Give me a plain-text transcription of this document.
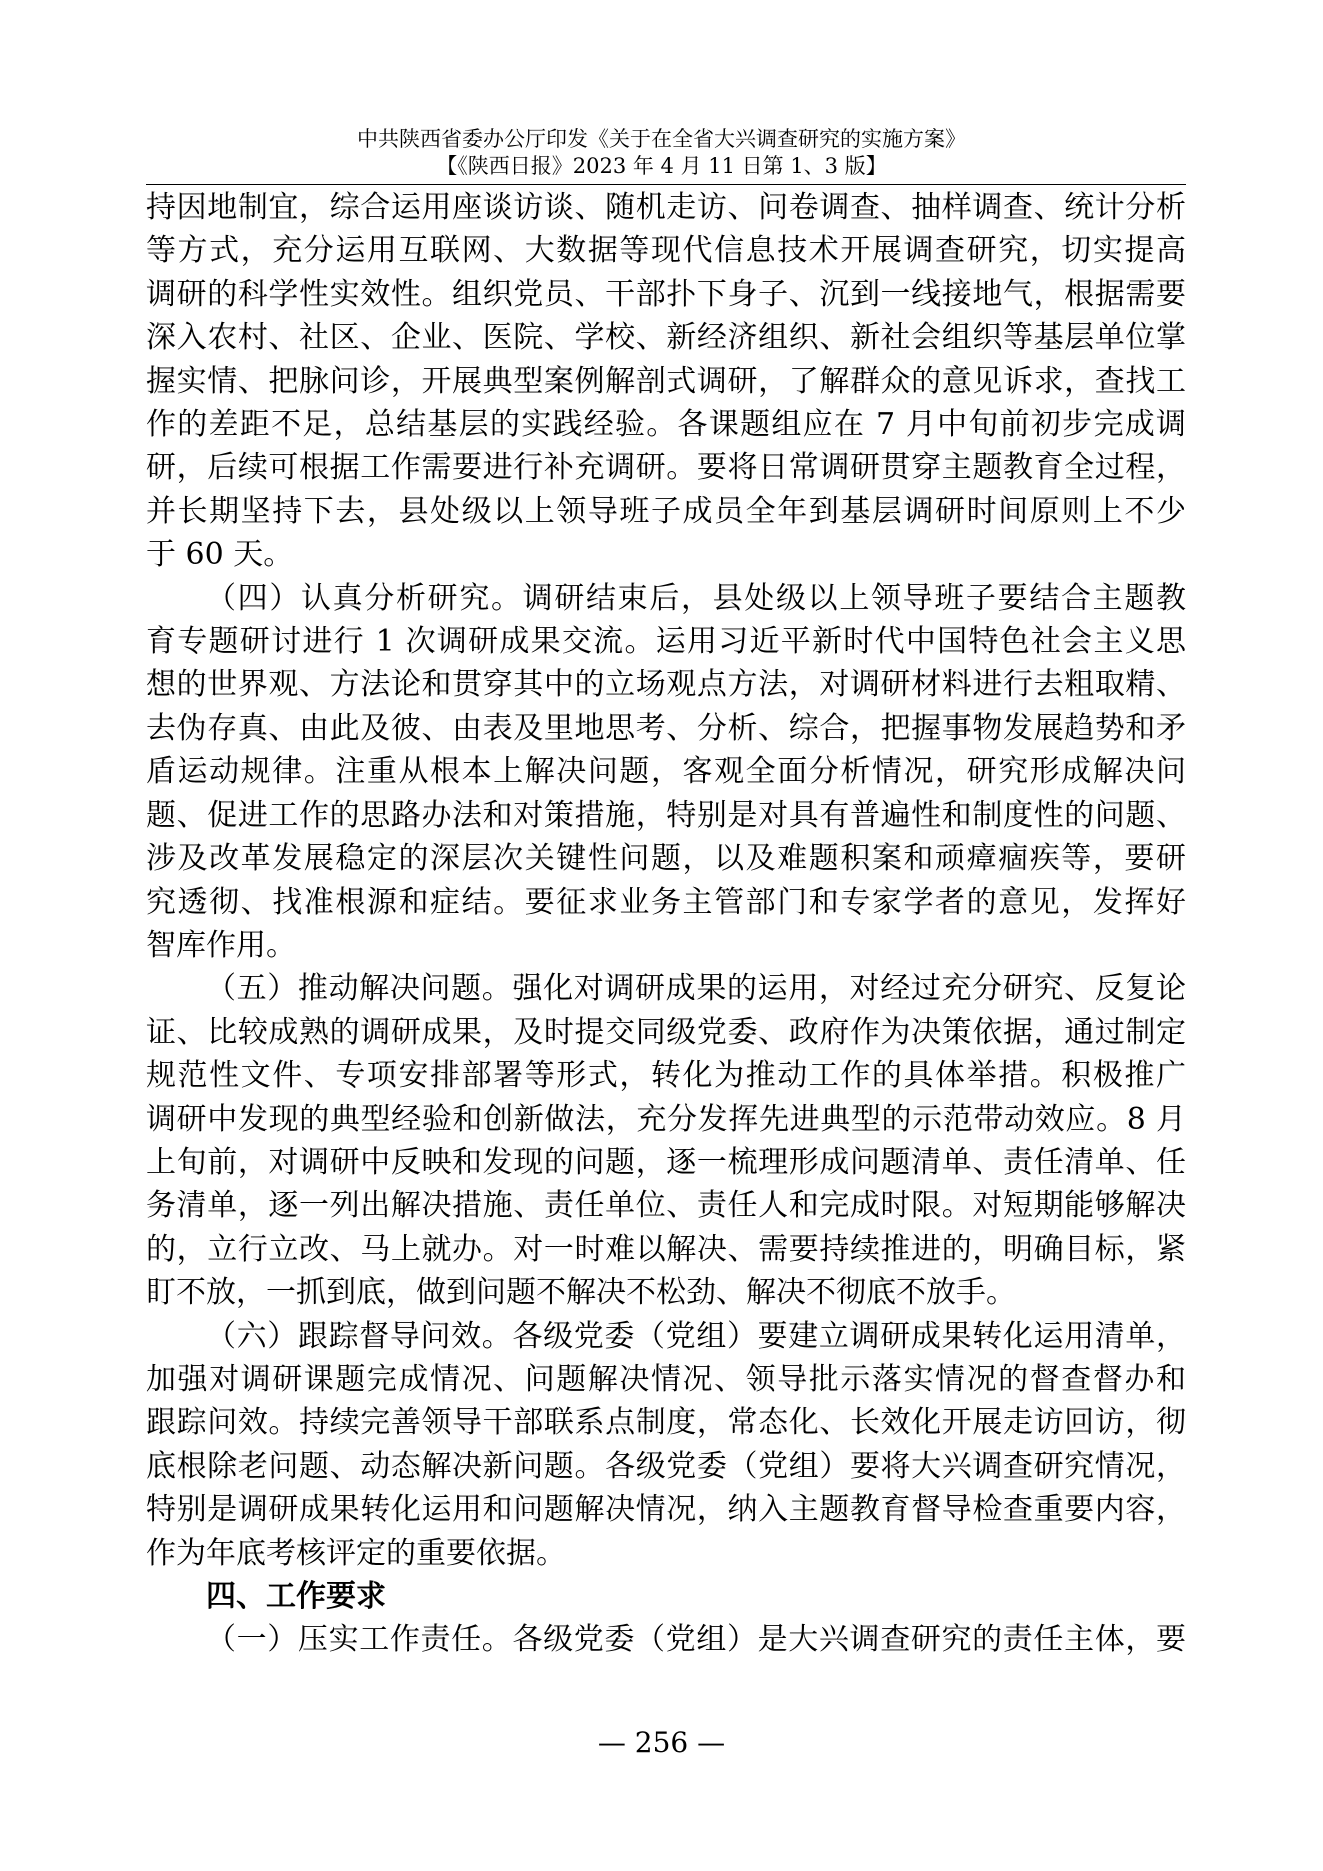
中共陕西省委办公厅印发《关于在全省大兴调查研究的实施方案》
【《陕西日报》2023 年 4 月 11 日第 1、3 版】

持因地制宜，综合运用座谈访谈、随机走访、问卷调查、抽样调查、统计分析
等方式，充分运用互联网、大数据等现代信息技术开展调查研究，切实提高
调研的科学性实效性。组织党员、干部扑下身子、沉到一线接地气，根据需要
深入农村、社区、企业、医院、学校、新经济组织、新社会组织等基层单位掌
握实情、把脉问诊，开展典型案例解剖式调研，了解群众的意见诉求，查找工
作的差距不足，总结基层的实践经验。各课题组应在 7 月中旬前初步完成调
研，后续可根据工作需要进行补充调研。要将日常调研贯穿主题教育全过程，
并长期坚持下去，县处级以上领导班子成员全年到基层调研时间原则上不少
于 60 天。

（四）认真分析研究。调研结束后，县处级以上领导班子要结合主题教
育专题研讨进行 1 次调研成果交流。运用习近平新时代中国特色社会主义思
想的世界观、方法论和贯穿其中的立场观点方法，对调研材料进行去粗取精、
去伪存真、由此及彼、由表及里地思考、分析、综合，把握事物发展趋势和矛
盾运动规律。注重从根本上解决问题，客观全面分析情况，研究形成解决问
题、促进工作的思路办法和对策措施，特别是对具有普遍性和制度性的问题、
涉及改革发展稳定的深层次关键性问题，以及难题积案和顽瘴痼疾等，要研
究透彻、找准根源和症结。要征求业务主管部门和专家学者的意见，发挥好
智库作用。

（五）推动解决问题。强化对调研成果的运用，对经过充分研究、反复论
证、比较成熟的调研成果，及时提交同级党委、政府作为决策依据，通过制定
规范性文件、专项安排部署等形式，转化为推动工作的具体举措。积极推广
调研中发现的典型经验和创新做法，充分发挥先进典型的示范带动效应。8 月
上旬前，对调研中反映和发现的问题，逐一梳理形成问题清单、责任清单、任
务清单，逐一列出解决措施、责任单位、责任人和完成时限。对短期能够解决
的，立行立改、马上就办。对一时难以解决、需要持续推进的，明确目标，紧
盯不放，一抓到底，做到问题不解决不松劲、解决不彻底不放手。

（六）跟踪督导问效。各级党委（党组）要建立调研成果转化运用清单，
加强对调研课题完成情况、问题解决情况、领导批示落实情况的督查督办和
跟踪问效。持续完善领导干部联系点制度，常态化、长效化开展走访回访，彻
底根除老问题、动态解决新问题。各级党委（党组）要将大兴调查研究情况，
特别是调研成果转化运用和问题解决情况，纳入主题教育督导检查重要内容，
作为年底考核评定的重要依据。

四、工作要求

（一）压实工作责任。各级党委（党组）是大兴调查研究的责任主体，要

— 256 —
